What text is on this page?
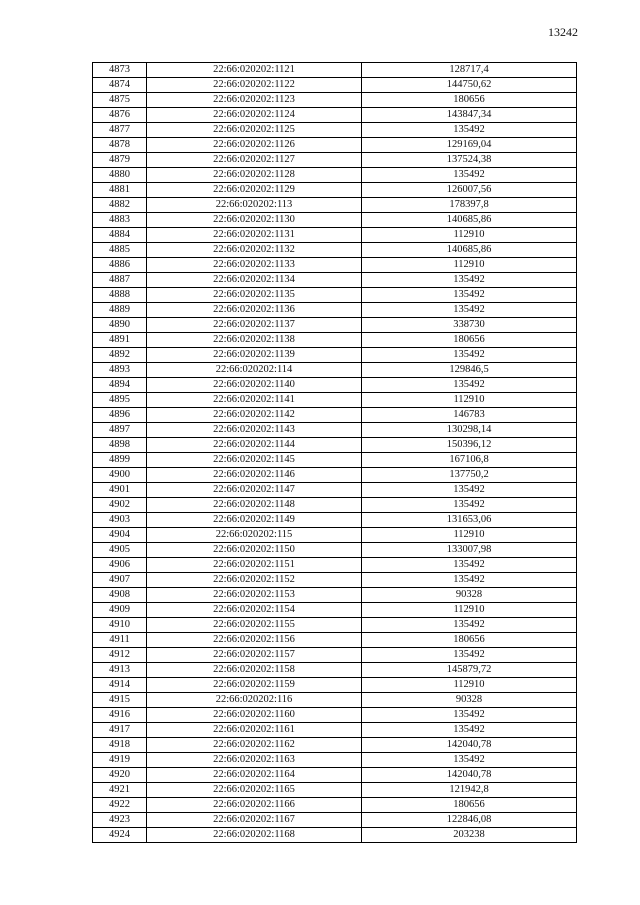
13242
4873	22:66:020202:1121	128717,4
4874	22:66:020202:1122	144750,62
4875	22:66:020202:1123	180656
4876	22:66:020202:1124	143847,34
4877	22:66:020202:1125	135492
4878	22:66:020202:1126	129169,04
4879	22:66:020202:1127	137524,38
4880	22:66:020202:1128	135492
4881	22:66:020202:1129	126007,56
4882	22:66:020202:113	178397,8
4883	22:66:020202:1130	140685,86
4884	22:66:020202:1131	112910
4885	22:66:020202:1132	140685,86
4886	22:66:020202:1133	112910
4887	22:66:020202:1134	135492
4888	22:66:020202:1135	135492
4889	22:66:020202:1136	135492
4890	22:66:020202:1137	338730
4891	22:66:020202:1138	180656
4892	22:66:020202:1139	135492
4893	22:66:020202:114	129846,5
4894	22:66:020202:1140	135492
4895	22:66:020202:1141	112910
4896	22:66:020202:1142	146783
4897	22:66:020202:1143	130298,14
4898	22:66:020202:1144	150396,12
4899	22:66:020202:1145	167106,8
4900	22:66:020202:1146	137750,2
4901	22:66:020202:1147	135492
4902	22:66:020202:1148	135492
4903	22:66:020202:1149	131653,06
4904	22:66:020202:115	112910
4905	22:66:020202:1150	133007,98
4906	22:66:020202:1151	135492
4907	22:66:020202:1152	135492
4908	22:66:020202:1153	90328
4909	22:66:020202:1154	112910
4910	22:66:020202:1155	135492
4911	22:66:020202:1156	180656
4912	22:66:020202:1157	135492
4913	22:66:020202:1158	145879,72
4914	22:66:020202:1159	112910
4915	22:66:020202:116	90328
4916	22:66:020202:1160	135492
4917	22:66:020202:1161	135492
4918	22:66:020202:1162	142040,78
4919	22:66:020202:1163	135492
4920	22:66:020202:1164	142040,78
4921	22:66:020202:1165	121942,8
4922	22:66:020202:1166	180656
4923	22:66:020202:1167	122846,08
4924	22:66:020202:1168	203238
